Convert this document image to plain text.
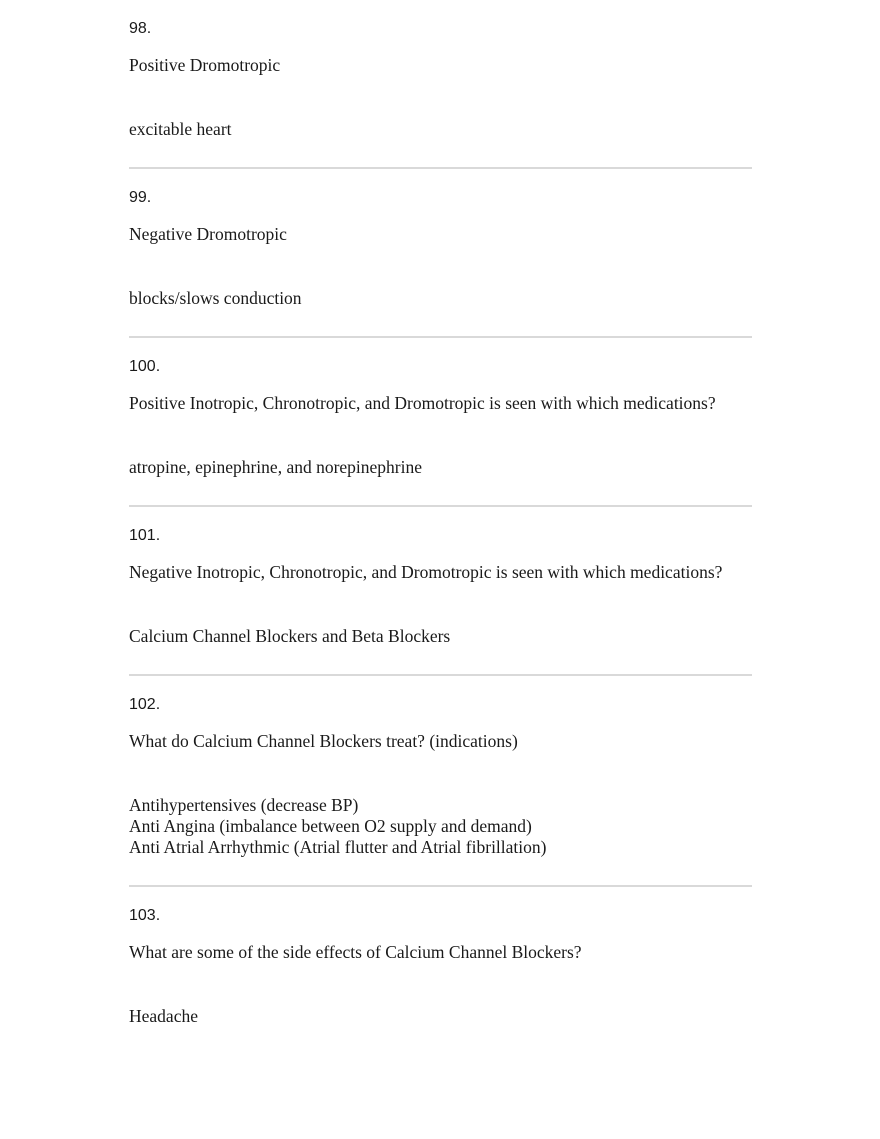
98.

Positive Dromotropic

excitable heart

99.

Negative Dromotropic

blocks/slows conduction

100.

Positive Inotropic, Chronotropic, and Dromotropic is seen with which medications?

atropine, epinephrine, and norepinephrine

101.

Negative Inotropic, Chronotropic, and Dromotropic is seen with which medications?

Calcium Channel Blockers and Beta Blockers

102.

What do Calcium Channel Blockers treat? (indications)

Antihypertensives (decrease BP)
Anti Angina (imbalance between O2 supply and demand)
Anti Atrial Arrhythmic (Atrial flutter and Atrial fibrillation)

103.

What are some of the side effects of Calcium Channel Blockers?

Headache
